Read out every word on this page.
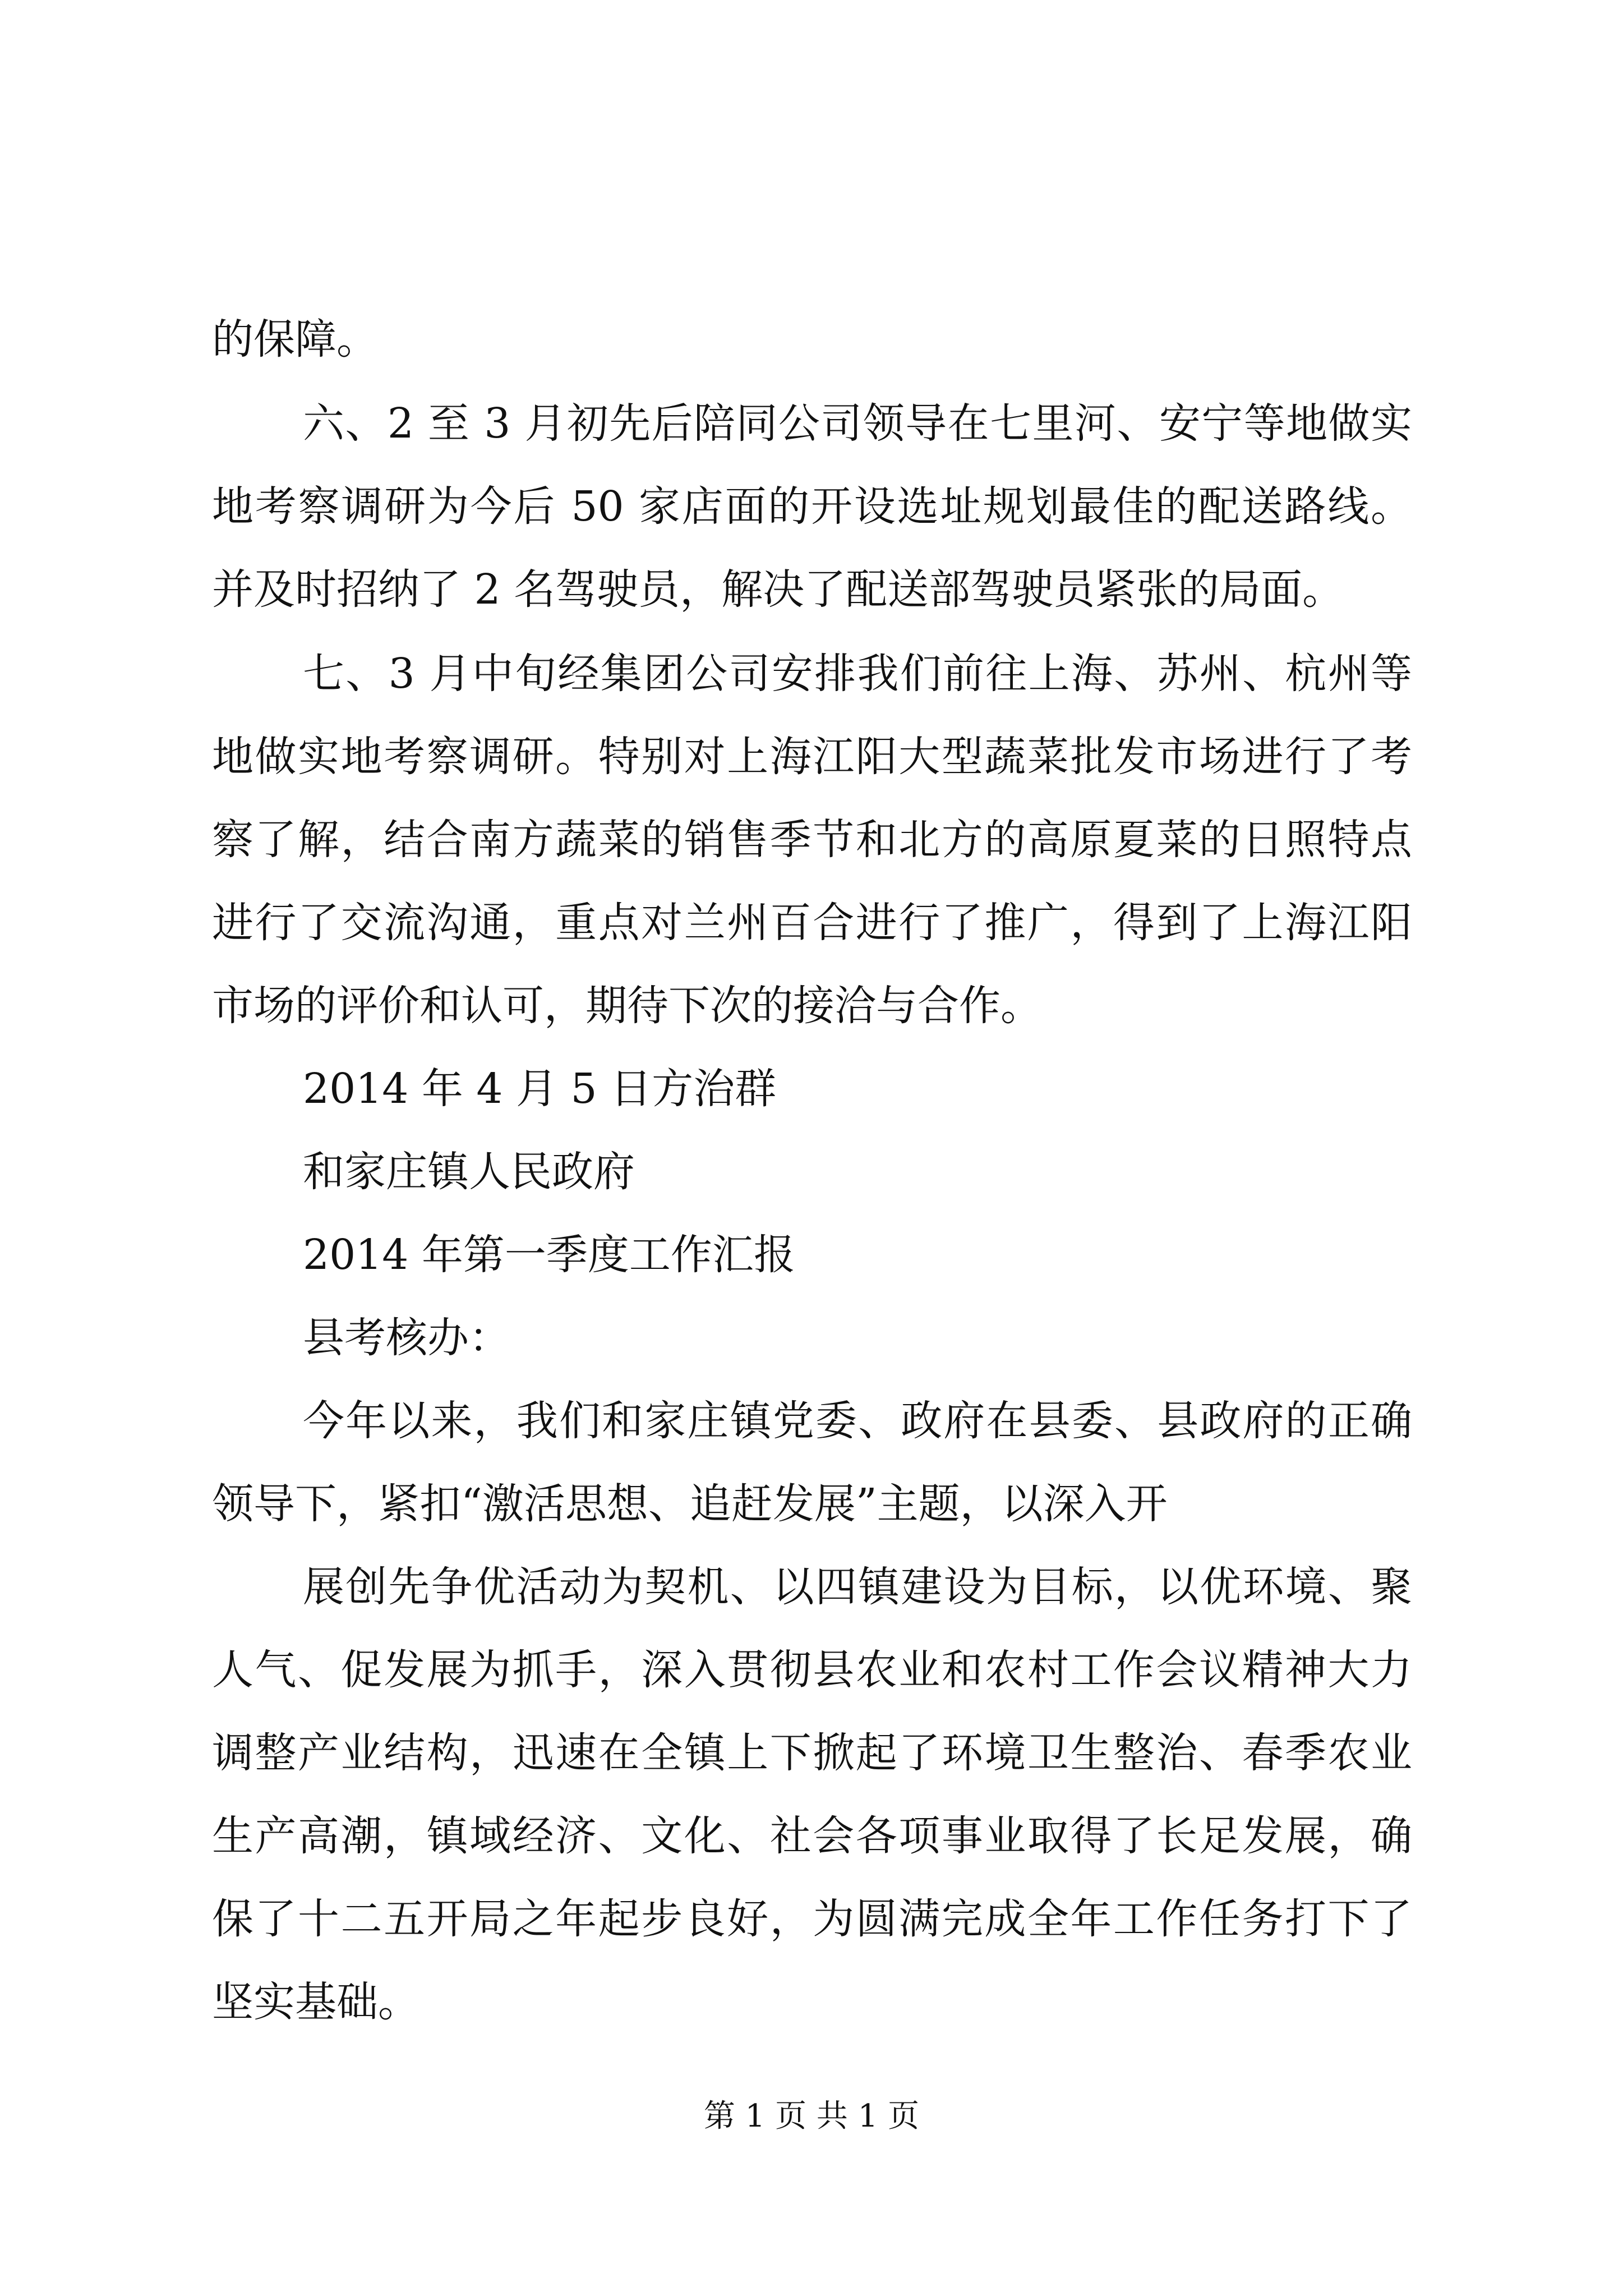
的保障。
六、2 至 3 月初先后陪同公司领导在七里河、安宁等地做实
地考察调研为今后 50 家店面的开设选址规划最佳的配送路线。
并及时招纳了 2 名驾驶员，解决了配送部驾驶员紧张的局面。
七、3 月中旬经集团公司安排我们前往上海、苏州、杭州等
地做实地考察调研。特别对上海江阳大型蔬菜批发市场进行了考
察了解，结合南方蔬菜的销售季节和北方的高原夏菜的日照特点
进行了交流沟通，重点对兰州百合进行了推广，得到了上海江阳
市场的评价和认可，期待下次的接洽与合作。
2014 年 4 月 5 日方治群
和家庄镇人民政府
2014 年第一季度工作汇报
县考核办：
今年以来，我们和家庄镇党委、政府在县委、县政府的正确
领导下，紧扣“激活思想、追赶发展”主题，以深入开
展创先争优活动为契机、以四镇建设为目标，以优环境、聚
人气、促发展为抓手，深入贯彻县农业和农村工作会议精神大力
调整产业结构，迅速在全镇上下掀起了环境卫生整治、春季农业
生产高潮，镇域经济、文化、社会各项事业取得了长足发展，确
保了十二五开局之年起步良好，为圆满完成全年工作任务打下了
坚实基础。
第 1 页 共 1 页
